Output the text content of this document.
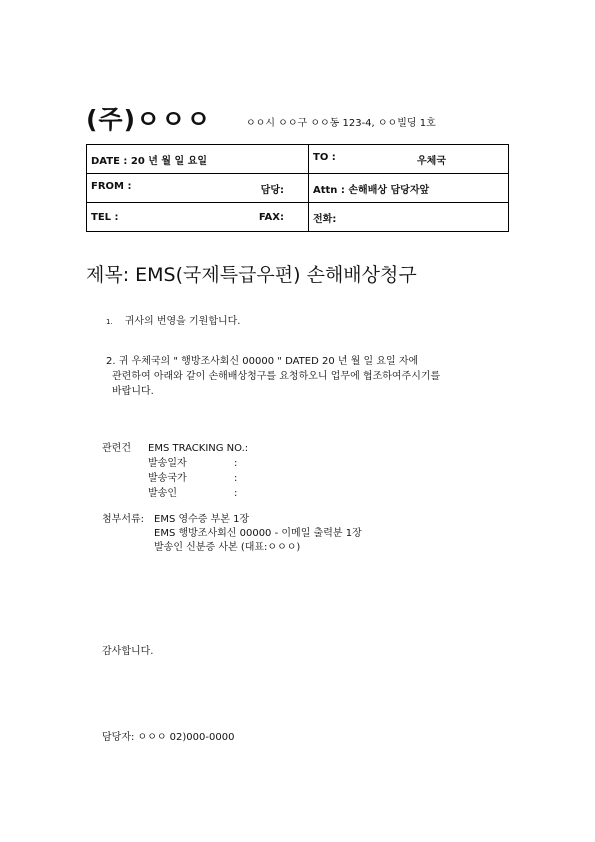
(주)ㅇㅇㅇ	ㅇㅇ시 ㅇㅇ구 ㅇㅇ동 123-4, ㅇㅇ빌딩 1호
DATE : 20 년 월 일 요일	TO : 우체국

FROM : 담당:	Attn : 손해배상 담당자앞

TEL : FAX:	전화:
제목: EMS(국제특급우편) 손해배상청구
1. 귀사의 번영을 기원합니다.
2. 귀 우체국의 " 행방조사회신 00000 " DATED 20 년 월 일 요일 자에
관련하여 아래와 같이 손해배상청구를 요청하오니 업무에 협조하여주시기를
바랍니다.
관련건	EMS TRACKING NO.:
발송일자	:
발송국가	:
발송인	:
첨부서류: EMS 영수증 부본 1장
EMS 행방조사회신 00000 - 이메일 출력분 1장
발송인 신분증 사본 (대표:ㅇㅇㅇ)
감사합니다.
담당자: ㅇㅇㅇ 02)000-0000
